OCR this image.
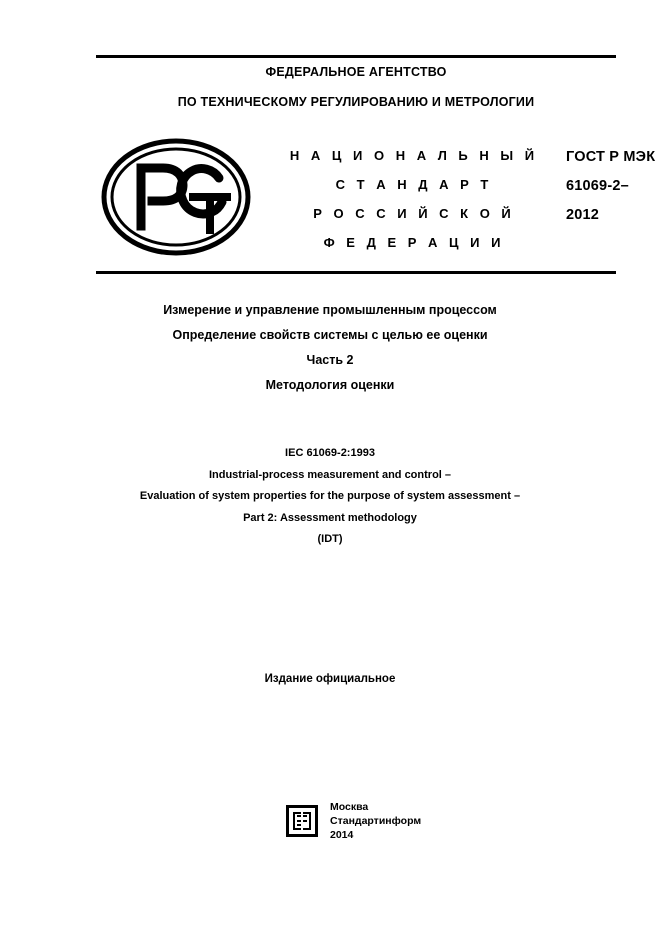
ФЕДЕРАЛЬНОЕ АГЕНТСТВО
ПО ТЕХНИЧЕСКОМУ РЕГУЛИРОВАНИЮ И МЕТРОЛОГИИ
Н А Ц И О Н А Л Ь Н Ы Й
С Т А Н Д А Р Т
Р О С С И Й С К О Й
Ф Е Д Е Р А Ц И И
ГОСТ Р МЭК
61069-2–
2012
Измерение и управление промышленным процессом
Определение свойств системы с целью ее оценки
Часть 2
Методология оценки
IEC 61069-2:1993
Industrial-process measurement and control –
Evaluation of system properties for the purpose of system assessment –
Part 2: Assessment methodology
(IDT)
Издание официальное
Москва
Стандартинформ
2014
